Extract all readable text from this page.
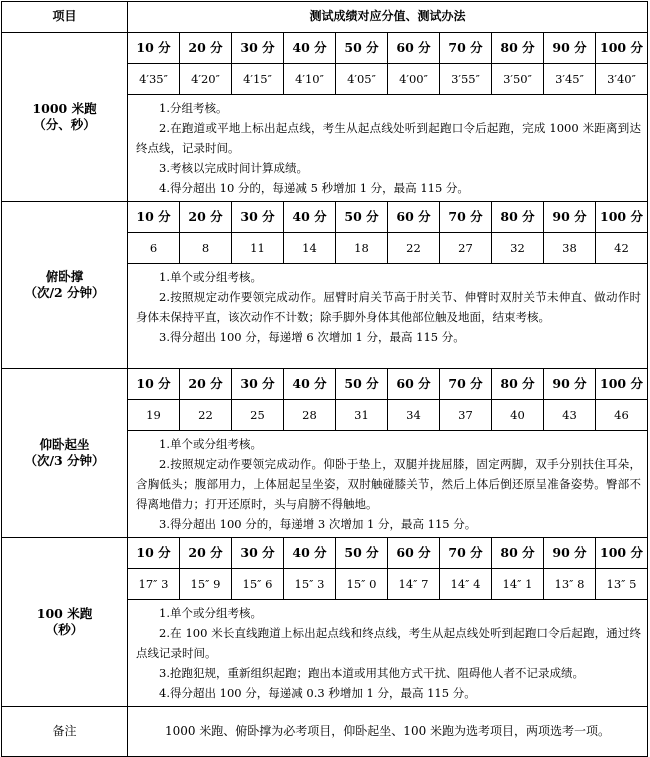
项目	测试成绩对应分值、测试办法									

1000 米跑
（分、秒）	10 分	20 分	30 分	40 分	50 分	60 分	70 分	80 分	90 分	100 分
	4′35″	4′20″	4′15″	4′10″	4′05″	4′00″	3′55″	3′50″	3′45″	3′40″

	1.分组考核。

2.在跑道或平地上标出起点线，考生从起点线处听到起跑口令后起跑，完成 1000 米距离到达终点线，记录时间。

3.考核以完成时间计算成绩。

4.得分超出 10 分的，每递减 5 秒增加 1 分，最高 115 分。									

俯卧撑
（次/2 分钟）	10 分	20 分	30 分	40 分	50 分	60 分	70 分	80 分	90 分	100 分
	6	8	11	14	18	22	27	32	38	42

	1.单个或分组考核。

2.按照规定动作要领完成动作。屈臂时肩关节高于肘关节、伸臂时双肘关节未伸直、做动作时身体未保持平直，该次动作不计数；除手脚外身体其他部位触及地面，结束考核。

3.得分超出 100 分，每递增 6 次增加 1 分，最高 115 分。									

仰卧起坐
（次/3 分钟）	10 分	20 分	30 分	40 分	50 分	60 分	70 分	80 分	90 分	100 分
	19	22	25	28	31	34	37	40	43	46

	1.单个或分组考核。

2.按照规定动作要领完成动作。仰卧于垫上，双腿并拢屈膝，固定两脚，双手分别扶住耳朵，含胸低头；腹部用力，上体屈起呈坐姿，双肘触碰膝关节，然后上体后倒还原呈准备姿势。臀部不得离地借力；打开还原时，头与肩膀不得触地。

3.得分超出 100 分的，每递增 3 次增加 1 分，最高 115 分。									

100 米跑
（秒）	10 分	20 分	30 分	40 分	50 分	60 分	70 分	80 分	90 分	100 分
	17″ 3	15″ 9	15″ 6	15″ 3	15″ 0	14″ 7	14″ 4	14″ 1	13″ 8	13″ 5

	1.单个或分组考核。

2.在 100 米长直线跑道上标出起点线和终点线，考生从起点线处听到起跑口令后起跑，通过终点线记录时间。

3.抢跑犯规，重新组织起跑；跑出本道或用其他方式干扰、阻碍他人者不记录成绩。

4.得分超出 100 分，每递减 0.3 秒增加 1 分，最高 115 分。									

备注	1000 米跑、俯卧撑为必考项目，仰卧起坐、100 米跑为选考项目，两项选考一项。									
